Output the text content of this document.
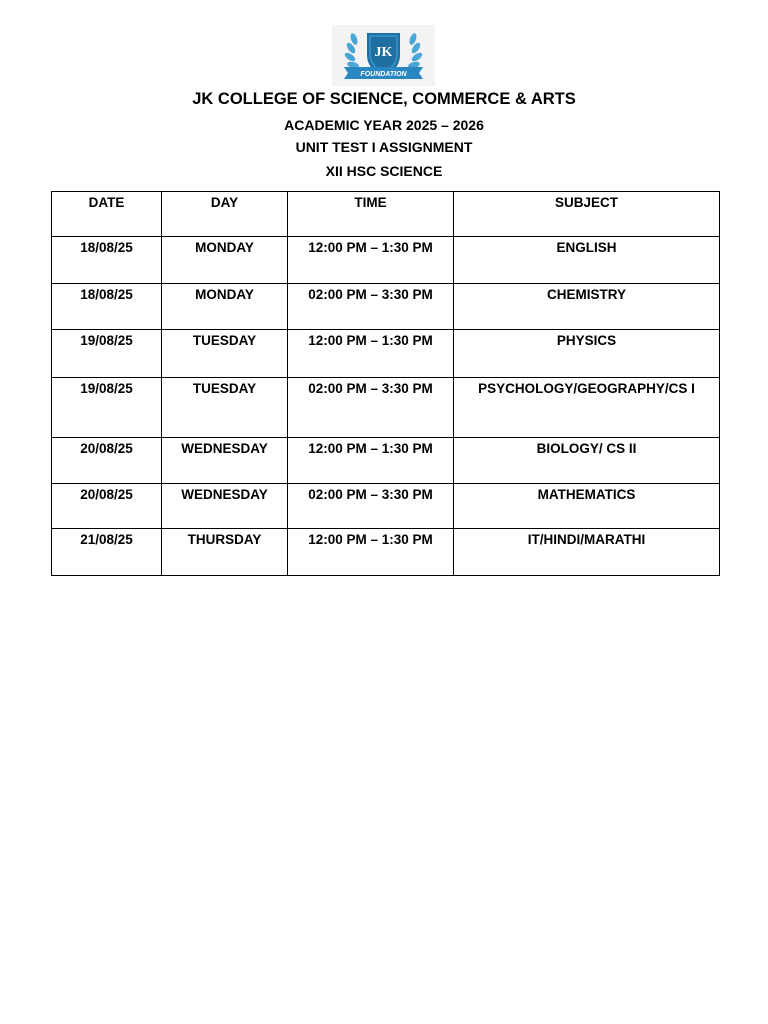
JK
FOUNDATION
JK COLLEGE OF SCIENCE, COMMERCE & ARTS
ACADEMIC YEAR 2025 – 2026
UNIT TEST I ASSIGNMENT
XII HSC SCIENCE
DATE	DAY	TIME	SUBJECT
18/08/25	MONDAY	12:00 PM – 1:30 PM	ENGLISH
18/08/25	MONDAY	02:00 PM – 3:30 PM	CHEMISTRY
19/08/25	TUESDAY	12:00 PM – 1:30 PM	PHYSICS
19/08/25	TUESDAY	02:00 PM – 3:30 PM	PSYCHOLOGY/GEOGRAPHY/CS I
20/08/25	WEDNESDAY	12:00 PM – 1:30 PM	BIOLOGY/ CS II
20/08/25	WEDNESDAY	02:00 PM – 3:30 PM	MATHEMATICS
21/08/25	THURSDAY	12:00 PM – 1:30 PM	IT/HINDI/MARATHI
